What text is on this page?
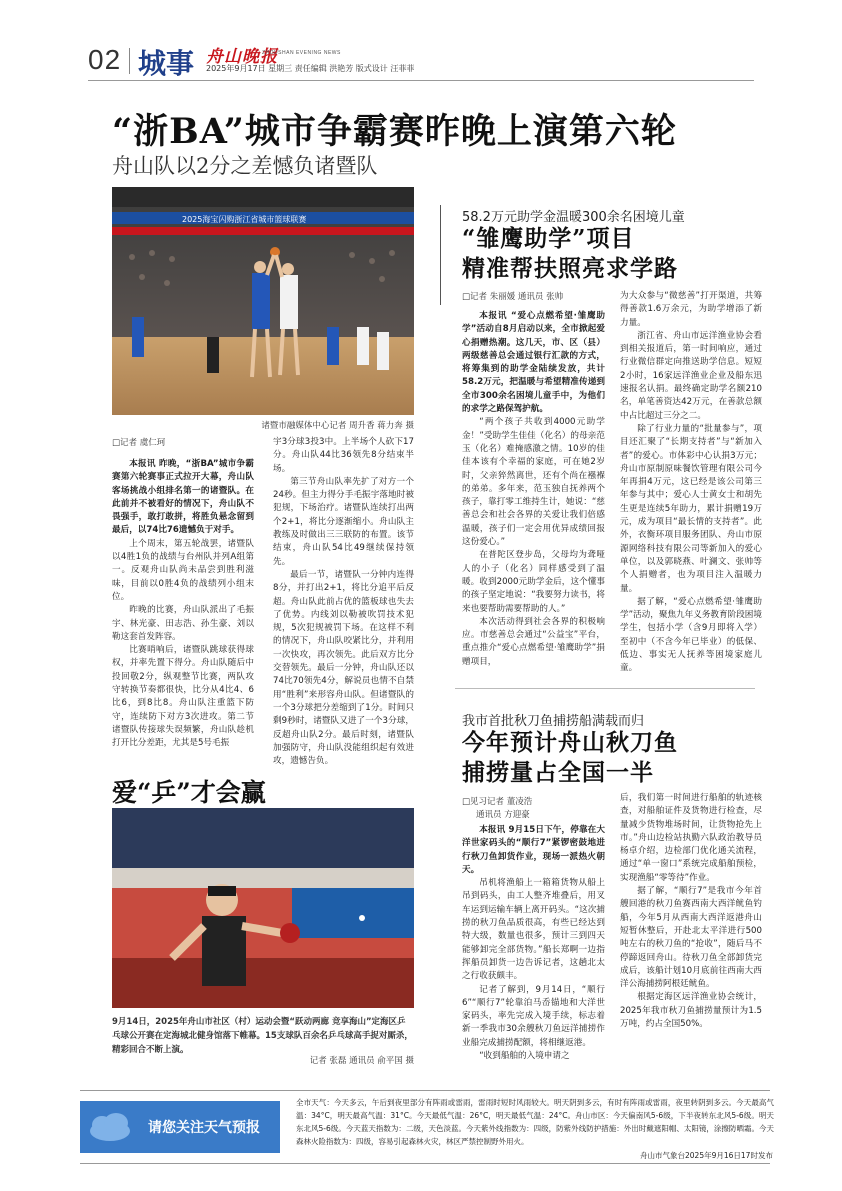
02 城事 舟山晚报
ZHOUSHAN EVENING NEWS
2025年9月17日 星期三 责任编辑 洪艳芳 版式设计 汪菲菲
“浙BA”城市争霸赛昨晚上演第六轮
舟山队以2分之差憾负诸暨队
2025海宝闪购浙江省城市篮球联赛
诸暨市融媒体中心记者 周升香 蒋力奔 摄
□记者 虞仁珂

本报讯 昨晚，“浙BA”城市争霸赛第六轮赛事正式拉开大幕，舟山队客场挑战小组排名第一的诸暨队。在此前并不被看好的情况下，舟山队不畏强手，敢打敢拼，将胜负悬念留到最后，以74比76遗憾负于对手。

上个周末，第五轮战罢，诸暨队以4胜1负的战绩与台州队并列A组第一。反观舟山队尚未品尝到胜利滋味，目前以0胜4负的战绩列小组末位。

昨晚的比赛，舟山队派出了毛振宇、林光豪、田志浩、孙生豪、刘以勒这套首发阵容。

比赛哨响后，诸暨队跳球获得球权，并率先置下得分。舟山队随后中投回敬2分，纵观整节比赛，两队攻守转换节奏都很快，比分从4比4、6比6，到8比8。舟山队注重篮下防守，连续防下对方3次进攻。第二节诸暨队传接球失误频繁，舟山队趁机打开比分差距，尤其是5号毛振

宇3分球3投3中。上半场个人砍下17分。舟山队44比36领先8分结束半场。

第三节舟山队率先扩了对方一个24秒。但主力得分手毛振宇落地时被犯规，下场治疗。诸暨队连续打出两个2+1，将比分逐渐缩小。舟山队主教练及时做出三三联防的布置。该节结束，舟山队54比49继续保持领先。

最后一节，诸暨队一分钟内连得8分，并打出2+1，将比分追平后反超。舟山队此前占优的篮板球也失去了优势。内线刘以勒被吹罚技术犯规，5次犯规被罚下场。在这样不利的情况下，舟山队咬紧比分，并利用一次快攻，再次领先。此后双方比分交替领先。最后一分钟，舟山队还以74比70领先4分，解说员也情不自禁用“胜利”来形容舟山队。但诸暨队的一个3分球把分差缩到了1分。时间只剩9秒时，诸暨队又进了一个3分球，反超舟山队2分。最后时刻，诸暨队加强防守，舟山队没能组织起有效进攻，遗憾告负。

爱“乒”才会赢
9月14日，2025年舟山市社区（村）运动会暨“跃动两廊 竞享海山”定海区乒乓球公开赛在定海城北健身馆落下帷幕。15支球队百余名乒乓球高手捉对厮杀，精彩回合不断上演。
记者 张磊 通讯员 俞平国 摄
58.2万元助学金温暖300余名困境儿童
“雏鹰助学”项目
精准帮扶照亮求学路
□记者 朱丽媛 通讯员 张帅

本报讯 “爱心点燃希望·雏鹰助学”活动自8月启动以来，全市掀起爱心捐赠热潮。这几天，市、区（县）两级慈善总会通过银行汇款的方式，将筹集到的助学金陆续发放，共计58.2万元，把温暖与希望精准传递到全市300余名困境儿童手中，为他们的求学之路保驾护航。

“两个孩子共收到4000元助学金！”受助学生佳佳（化名）的母亲范玉（化名）难掩感激之情。10岁的佳佳本该有个幸福的家庭，可在她2岁时，父亲猝然离世，还有个尚在襁褓的弟弟。多年来，范玉独自抚养两个孩子，靠打零工维持生计，她说：“慈善总会和社会各界的关爱让我们倍感温暖，孩子们一定会用优异成绩回报这份爱心。”

在普陀区登步岛，父母均为聋哑人的小子（化名）同样感受到了温暖。收到2000元助学金后，这个懂事的孩子坚定地说：“我要努力读书，将来也要帮助需要帮助的人。”

本次活动得到社会各界的积极响应。市慈善总会通过“公益宝”平台，重点推介“爱心点燃希望·雏鹰助学”捐赠项目，

为大众参与“微慈善”打开渠道，共筹得善款1.6万余元，为助学增添了新力量。

浙江省、舟山市远洋渔业协会看到相关报道后，第一时间响应，通过行业微信群定向推送助学信息。短短2小时，16家远洋渔业企业及船东迅速报名认捐。最终确定助学名额210名，单笔善资达42万元，在善款总额中占比超过三分之二。

除了行业力量的“批量参与”，项目还汇聚了“长期支持者”与“新加入者”的爱心。市体彩中心认捐3万元；舟山市原制原味餐饮管理有限公司今年再捐4万元，这已经是该公司第三年参与其中；爱心人士黄女士和胡先生更是连续5年助力，累计捐赠19万元，成为项目“最长情的支持者”。此外，衣衡环项目服务团队、舟山市原源网络科技有限公司等新加入的爱心单位，以及郭晓燕、叶澜文、张帅等个人捐赠者，也为项目注入温暖力量。

据了解，“爱心点燃希望·雏鹰助学”活动，聚焦九年义务教育阶段困境学生，包括小学（含9月即将入学）至初中（不含今年已毕业）的低保、低边、事实无人抚养等困境家庭儿童。

我市首批秋刀鱼捕捞船满载而归
今年预计舟山秋刀鱼
捕捞量占全国一半
□见习记者 董凌浩
通讯员 方迎豪

本报讯 9月15日下午，停靠在大洋世家码头的“顺行7”紧锣密鼓地进行秋刀鱼卸货作业，现场一派热火朝天。

吊机将渔船上一箱箱货物从船上吊到码头，由工人整齐堆叠后，用叉车运到运输车辆上离开码头。“这次捕捞的秋刀鱼品质很高，有些已经达到特大级，数量也很多，预计三到四天能够卸完全部货物。”船长郑啊一边指挥船员卸货一边告诉记者，这趟北太之行收获颇丰。

记者了解到，9月14日，“顺行6”“顺行7”轮靠泊马岙锚地和大洋世家码头，率先完成入境手续，标志着新一季我市30余艘秋刀鱼远洋捕捞作业船完成捕捞配额，将相继返港。

“收到船舶的入境申请之

后，我们第一时间进行船舶的轨迹核查，对船舶证件及货物进行检查，尽量减少货物堆场时间，让货物抢先上市。”舟山边检站执勤六队政治教导员杨卓介绍，边检部门优化通关流程，通过“单一窗口”系统完成船舶预检，实现渔船“零等待”作业。

据了解，“顺行7”是我市今年首艘回港的秋刀鱼赛西南大西洋鱿鱼钓船，今年5月从西南大西洋返港舟山短暂休整后，开赴北太平洋进行500吨左右的秋刀鱼的“抢收”，随后马不停蹄返回舟山。待秋刀鱼全部卸货完成后，该船计划10月底前往西南大西洋公海捕捞阿根廷鱿鱼。

根据定海区远洋渔业协会统计，2025年我市秋刀鱼捕捞量预计为1.5万吨，约占全国50%。

请您关注天气预报
全市天气：今天多云，午后到夜里部分有阵雨或雷雨，雷雨时短时风雨较大。明天阴到多云，有时有阵雨或雷雨，夜里转阴到多云。今天最高气温：34°C，明天最高气温：31°C。今天最低气温：26°C，明天最低气温：24°C。舟山市区：今天偏南风5-6级，下半夜转东北风5-6级。明天东北风5-6级。今天蓝天指数为：二级，天色淡蓝。今天紫外线指数为：四级，防紫外线防护措施：外出时戴遮阳帽、太阳镜，涂擦防晒霜。今天森林火险指数为：四级，容易引起森林火灾，林区严禁控制野外用火。
舟山市气象台2025年9月16日17时发布
